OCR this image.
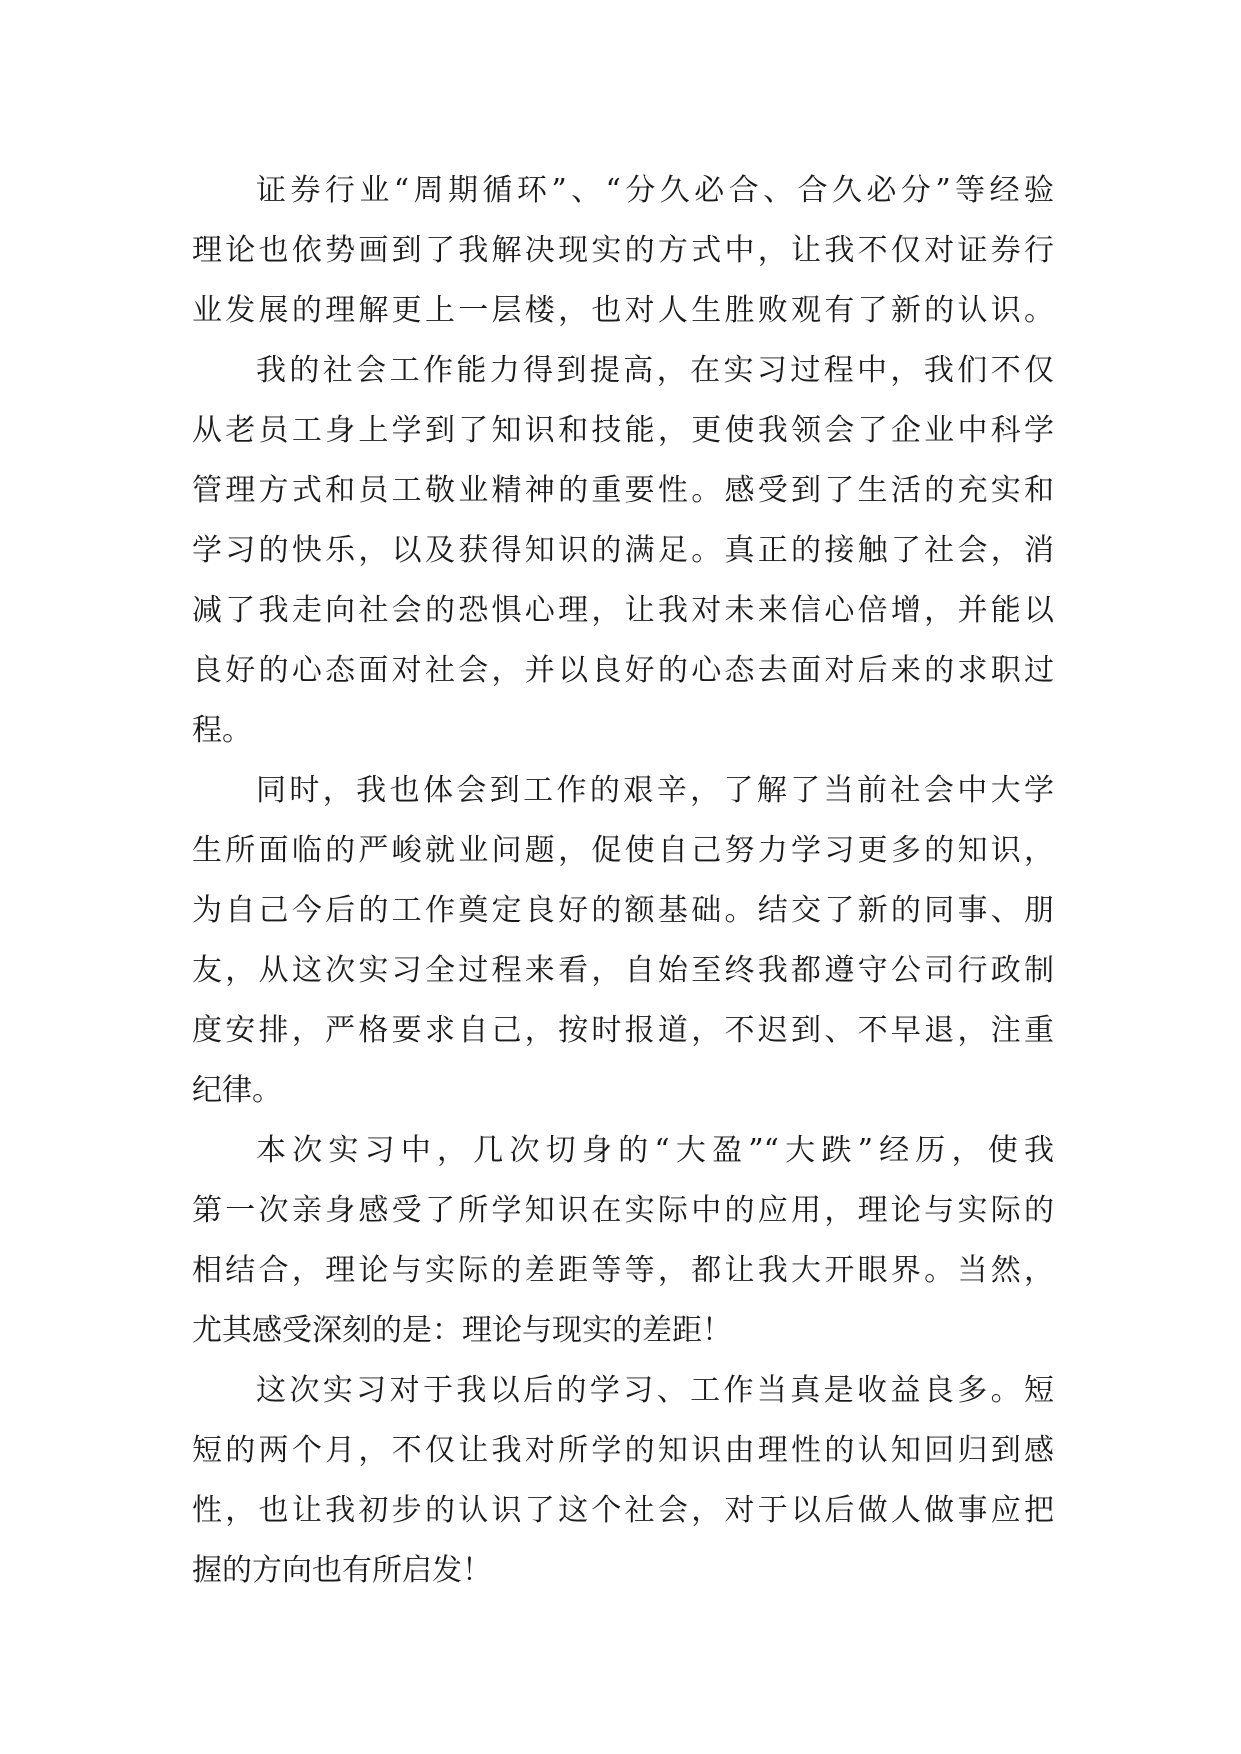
证券行业“周期循环”、“分久必合、合久必分”等经验
理论也依势画到了我解决现实的方式中，让我不仅对证券行
业发展的理解更上一层楼，也对人生胜败观有了新的认识。
我的社会工作能力得到提高，在实习过程中，我们不仅
从老员工身上学到了知识和技能，更使我领会了企业中科学
管理方式和员工敬业精神的重要性。感受到了生活的充实和
学习的快乐，以及获得知识的满足。真正的接触了社会，消
减了我走向社会的恐惧心理，让我对未来信心倍增，并能以
良好的心态面对社会，并以良好的心态去面对后来的求职过
程。
同时，我也体会到工作的艰辛，了解了当前社会中大学
生所面临的严峻就业问题，促使自己努力学习更多的知识，
为自己今后的工作奠定良好的额基础。结交了新的同事、朋
友，从这次实习全过程来看，自始至终我都遵守公司行政制
度安排，严格要求自己，按时报道，不迟到、不早退，注重
纪律。
本次实习中，几次切身的“大盈”“大跌”经历，使我
第一次亲身感受了所学知识在实际中的应用，理论与实际的
相结合，理论与实际的差距等等，都让我大开眼界。当然，
尤其感受深刻的是：理论与现实的差距！
这次实习对于我以后的学习、工作当真是收益良多。短
短的两个月，不仅让我对所学的知识由理性的认知回归到感
性，也让我初步的认识了这个社会，对于以后做人做事应把
握的方向也有所启发！
